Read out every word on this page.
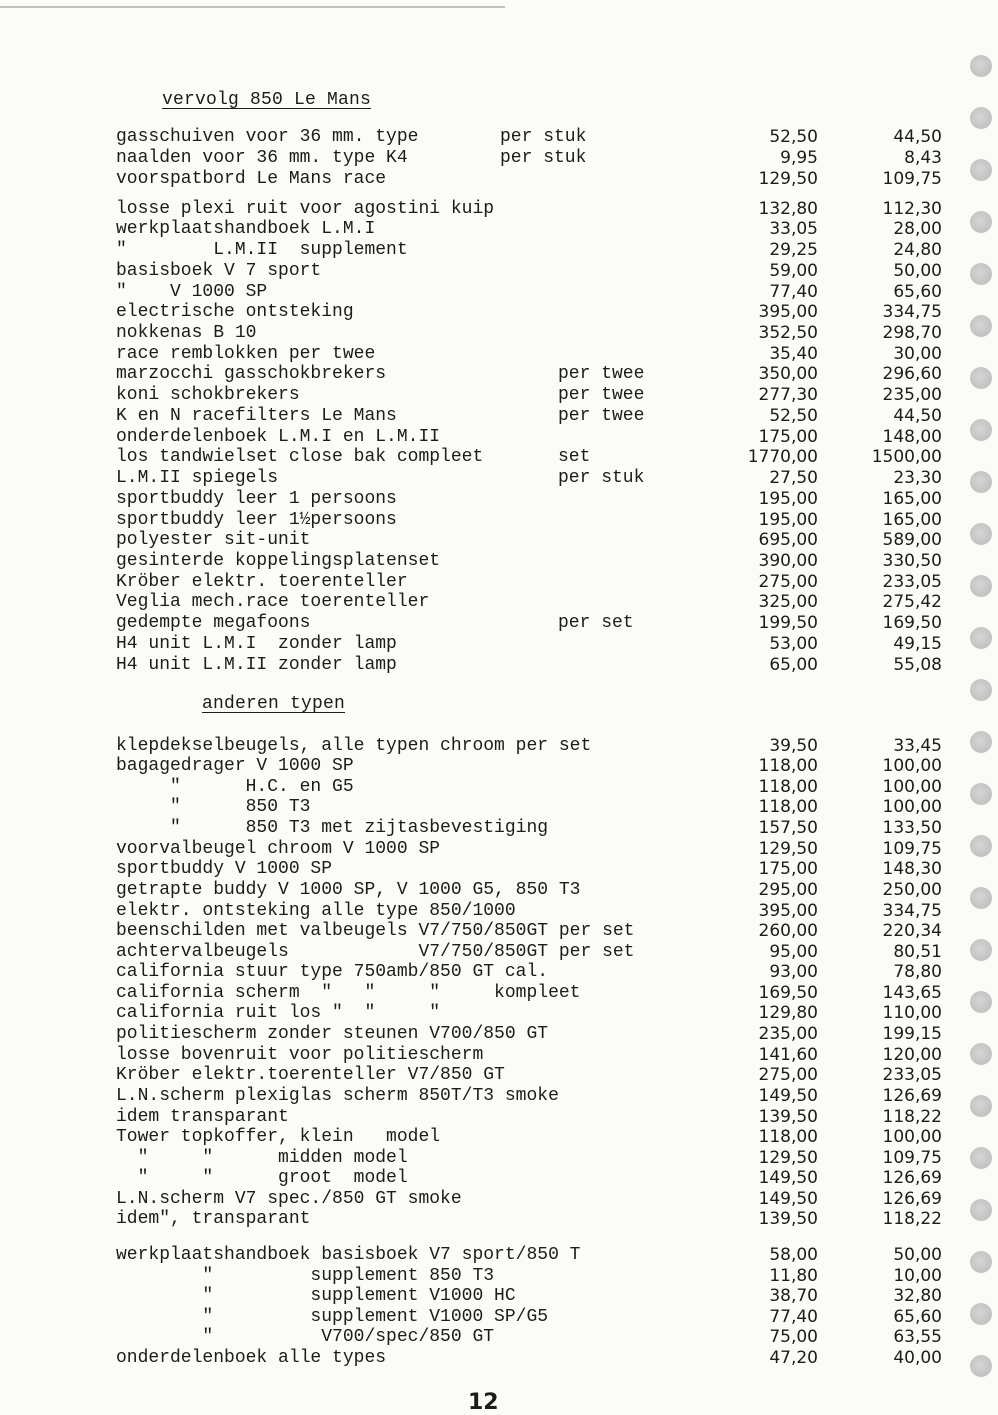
vervolg 850 Le Mans
gasschuiven voor 36 mm. type	per stuk	52,50	44,50
naalden voor 36 mm. type K4	per stuk	9,95	8,43
voorspatbord Le Mans race	129,50	109,75
losse plexi ruit voor agostini kuip	132,80	112,30
werkplaatshandboek L.M.I	33,05	28,00
"        L.M.II  supplement	29,25	24,80
basisboek V 7 sport	59,00	50,00
"    V 1000 SP	77,40	65,60
electrische ontsteking	395,00	334,75
nokkenas B 10	352,50	298,70
race remblokken per twee	35,40	30,00
marzocchi gasschokbrekers	per twee	350,00	296,60
koni schokbrekers	per twee	277,30	235,00
K en N racefilters Le Mans	per twee	52,50	44,50
onderdelenboek L.M.I en L.M.II	175,00	148,00
los tandwielset close bak compleet	set	1770,00	1500,00
L.M.II spiegels	per stuk	27,50	23,30
sportbuddy leer 1 persoons	195,00	165,00
sportbuddy leer 1½persoons	195,00	165,00
polyester sit-unit	695,00	589,00
gesinterde koppelingsplatenset	390,00	330,50
Kröber elektr. toerenteller	275,00	233,05
Veglia mech.race toerenteller	325,00	275,42
gedempte megafoons	per set	199,50	169,50
H4 unit L.M.I  zonder lamp	53,00	49,15
H4 unit L.M.II zonder lamp	65,00	55,08
anderen typen
klepdekselbeugels, alle typen chroom per set	39,50	33,45
bagagedrager V 1000 SP	118,00	100,00
"      H.C. en G5	118,00	100,00
"      850 T3	118,00	100,00
"      850 T3 met zijtasbevestiging	157,50	133,50
voorvalbeugel chroom V 1000 SP	129,50	109,75
sportbuddy V 1000 SP	175,00	148,30
getrapte buddy V 1000 SP, V 1000 G5, 850 T3	295,00	250,00
elektr. ontsteking alle type 850/1000	395,00	334,75
beenschilden met valbeugels V7/750/850GT per set	260,00	220,34
achtervalbeugels            V7/750/850GT per set	95,00	80,51
california stuur type 750amb/850 GT cal.	93,00	78,80
california scherm  "   "     "     kompleet	169,50	143,65
california ruit los "  "     "	129,80	110,00
politiescherm zonder steunen V700/850 GT	235,00	199,15
losse bovenruit voor politiescherm	141,60	120,00
Kröber elektr.toerenteller V7/850 GT	275,00	233,05
L.N.scherm plexiglas scherm 850T/T3 smoke	149,50	126,69
idem transparant	139,50	118,22
Tower topkoffer, klein   model	118,00	100,00
"     "      midden model	129,50	109,75
"     "      groot  model	149,50	126,69
L.N.scherm V7 spec./850 GT smoke	149,50	126,69
idem", transparant	139,50	118,22
werkplaatshandboek basisboek V7 sport/850 T	58,00	50,00
"         supplement 850 T3	11,80	10,00
"         supplement V1000 HC	38,70	32,80
"         supplement V1000 SP/G5	77,40	65,60
"          V700/spec/850 GT	75,00	63,55
onderdelenboek alle types	47,20	40,00
12
